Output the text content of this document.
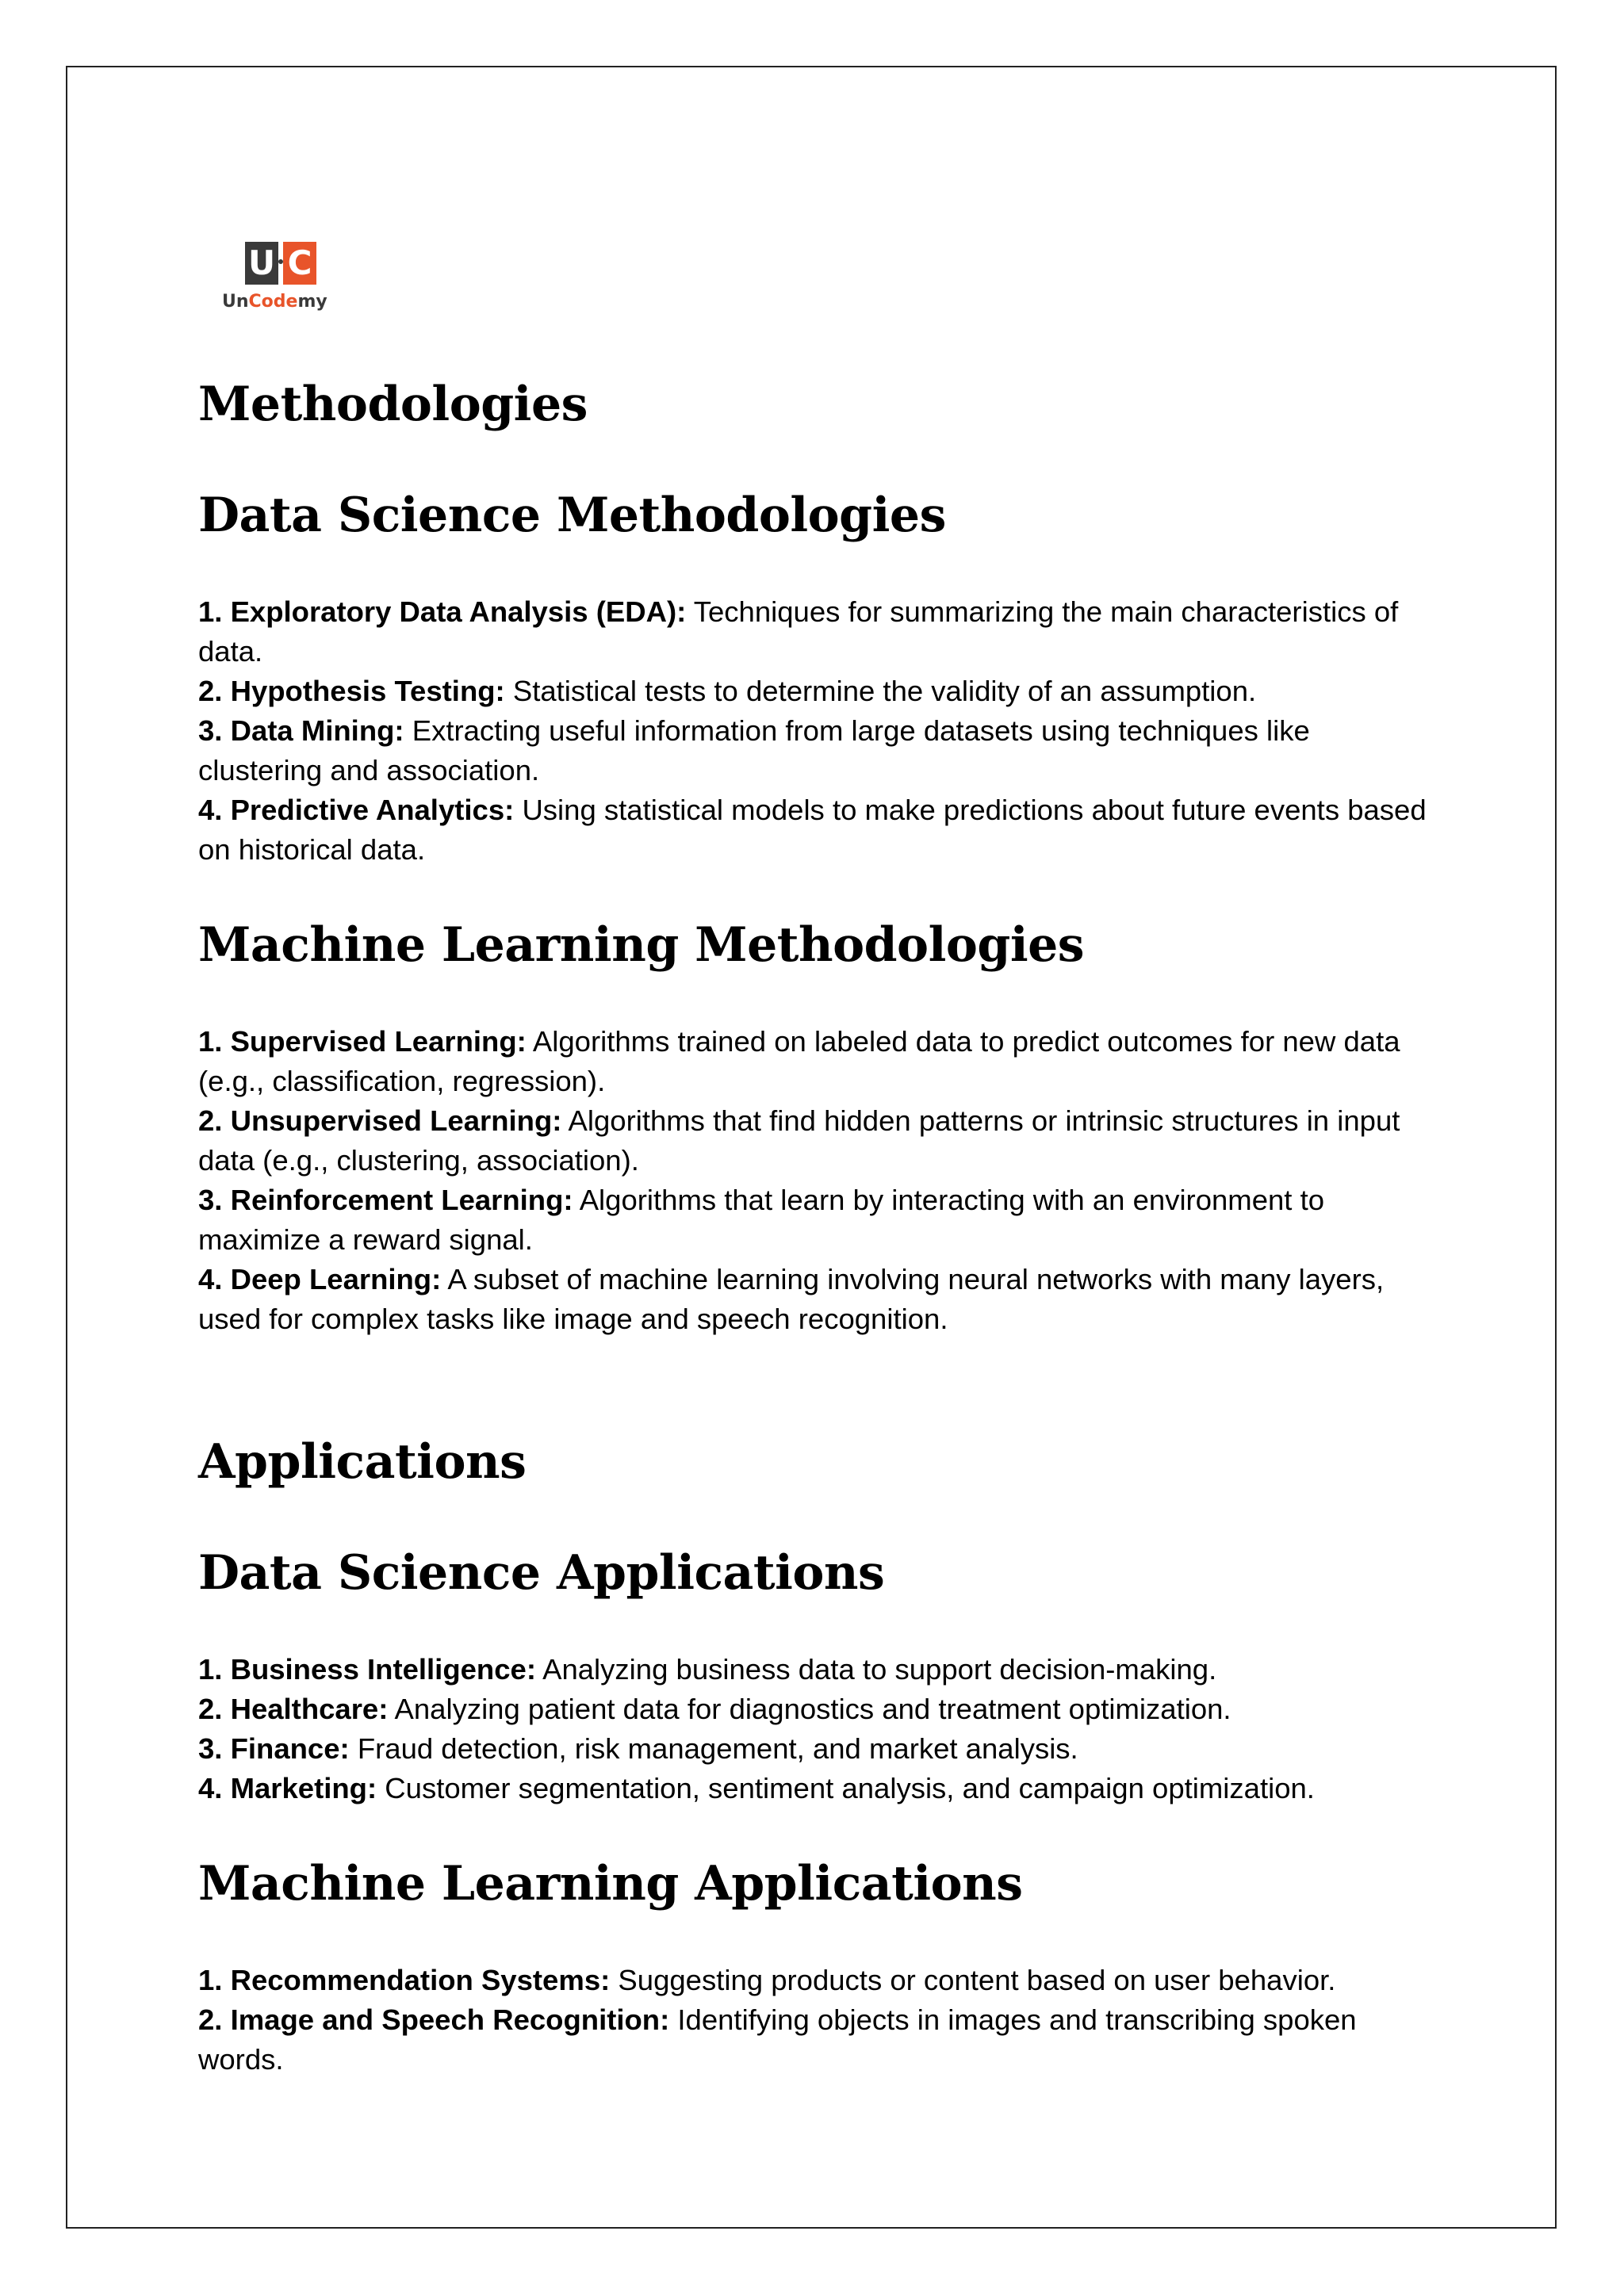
U C
UnCodemy
Methodologies
Data Science Methodologies
1. Exploratory Data Analysis (EDA): Techniques for summarizing the main characteristics of data.
2. Hypothesis Testing: Statistical tests to determine the validity of an assumption.
3. Data Mining: Extracting useful information from large datasets using techniques like clustering and association.
4. Predictive Analytics: Using statistical models to make predictions about future events based on historical data.
Machine Learning Methodologies
1. Supervised Learning: Algorithms trained on labeled data to predict outcomes for new data (e.g., classification, regression).
2. Unsupervised Learning: Algorithms that find hidden patterns or intrinsic structures in input data (e.g., clustering, association).
3. Reinforcement Learning: Algorithms that learn by interacting with an environment to maximize a reward signal.
4. Deep Learning: A subset of machine learning involving neural networks with many layers, used for complex tasks like image and speech recognition.
Applications
Data Science Applications
1. Business Intelligence: Analyzing business data to support decision-making.
2. Healthcare: Analyzing patient data for diagnostics and treatment optimization.
3. Finance: Fraud detection, risk management, and market analysis.
4. Marketing: Customer segmentation, sentiment analysis, and campaign optimization.
Machine Learning Applications
1. Recommendation Systems: Suggesting products or content based on user behavior.
2. Image and Speech Recognition: Identifying objects in images and transcribing spoken words.
